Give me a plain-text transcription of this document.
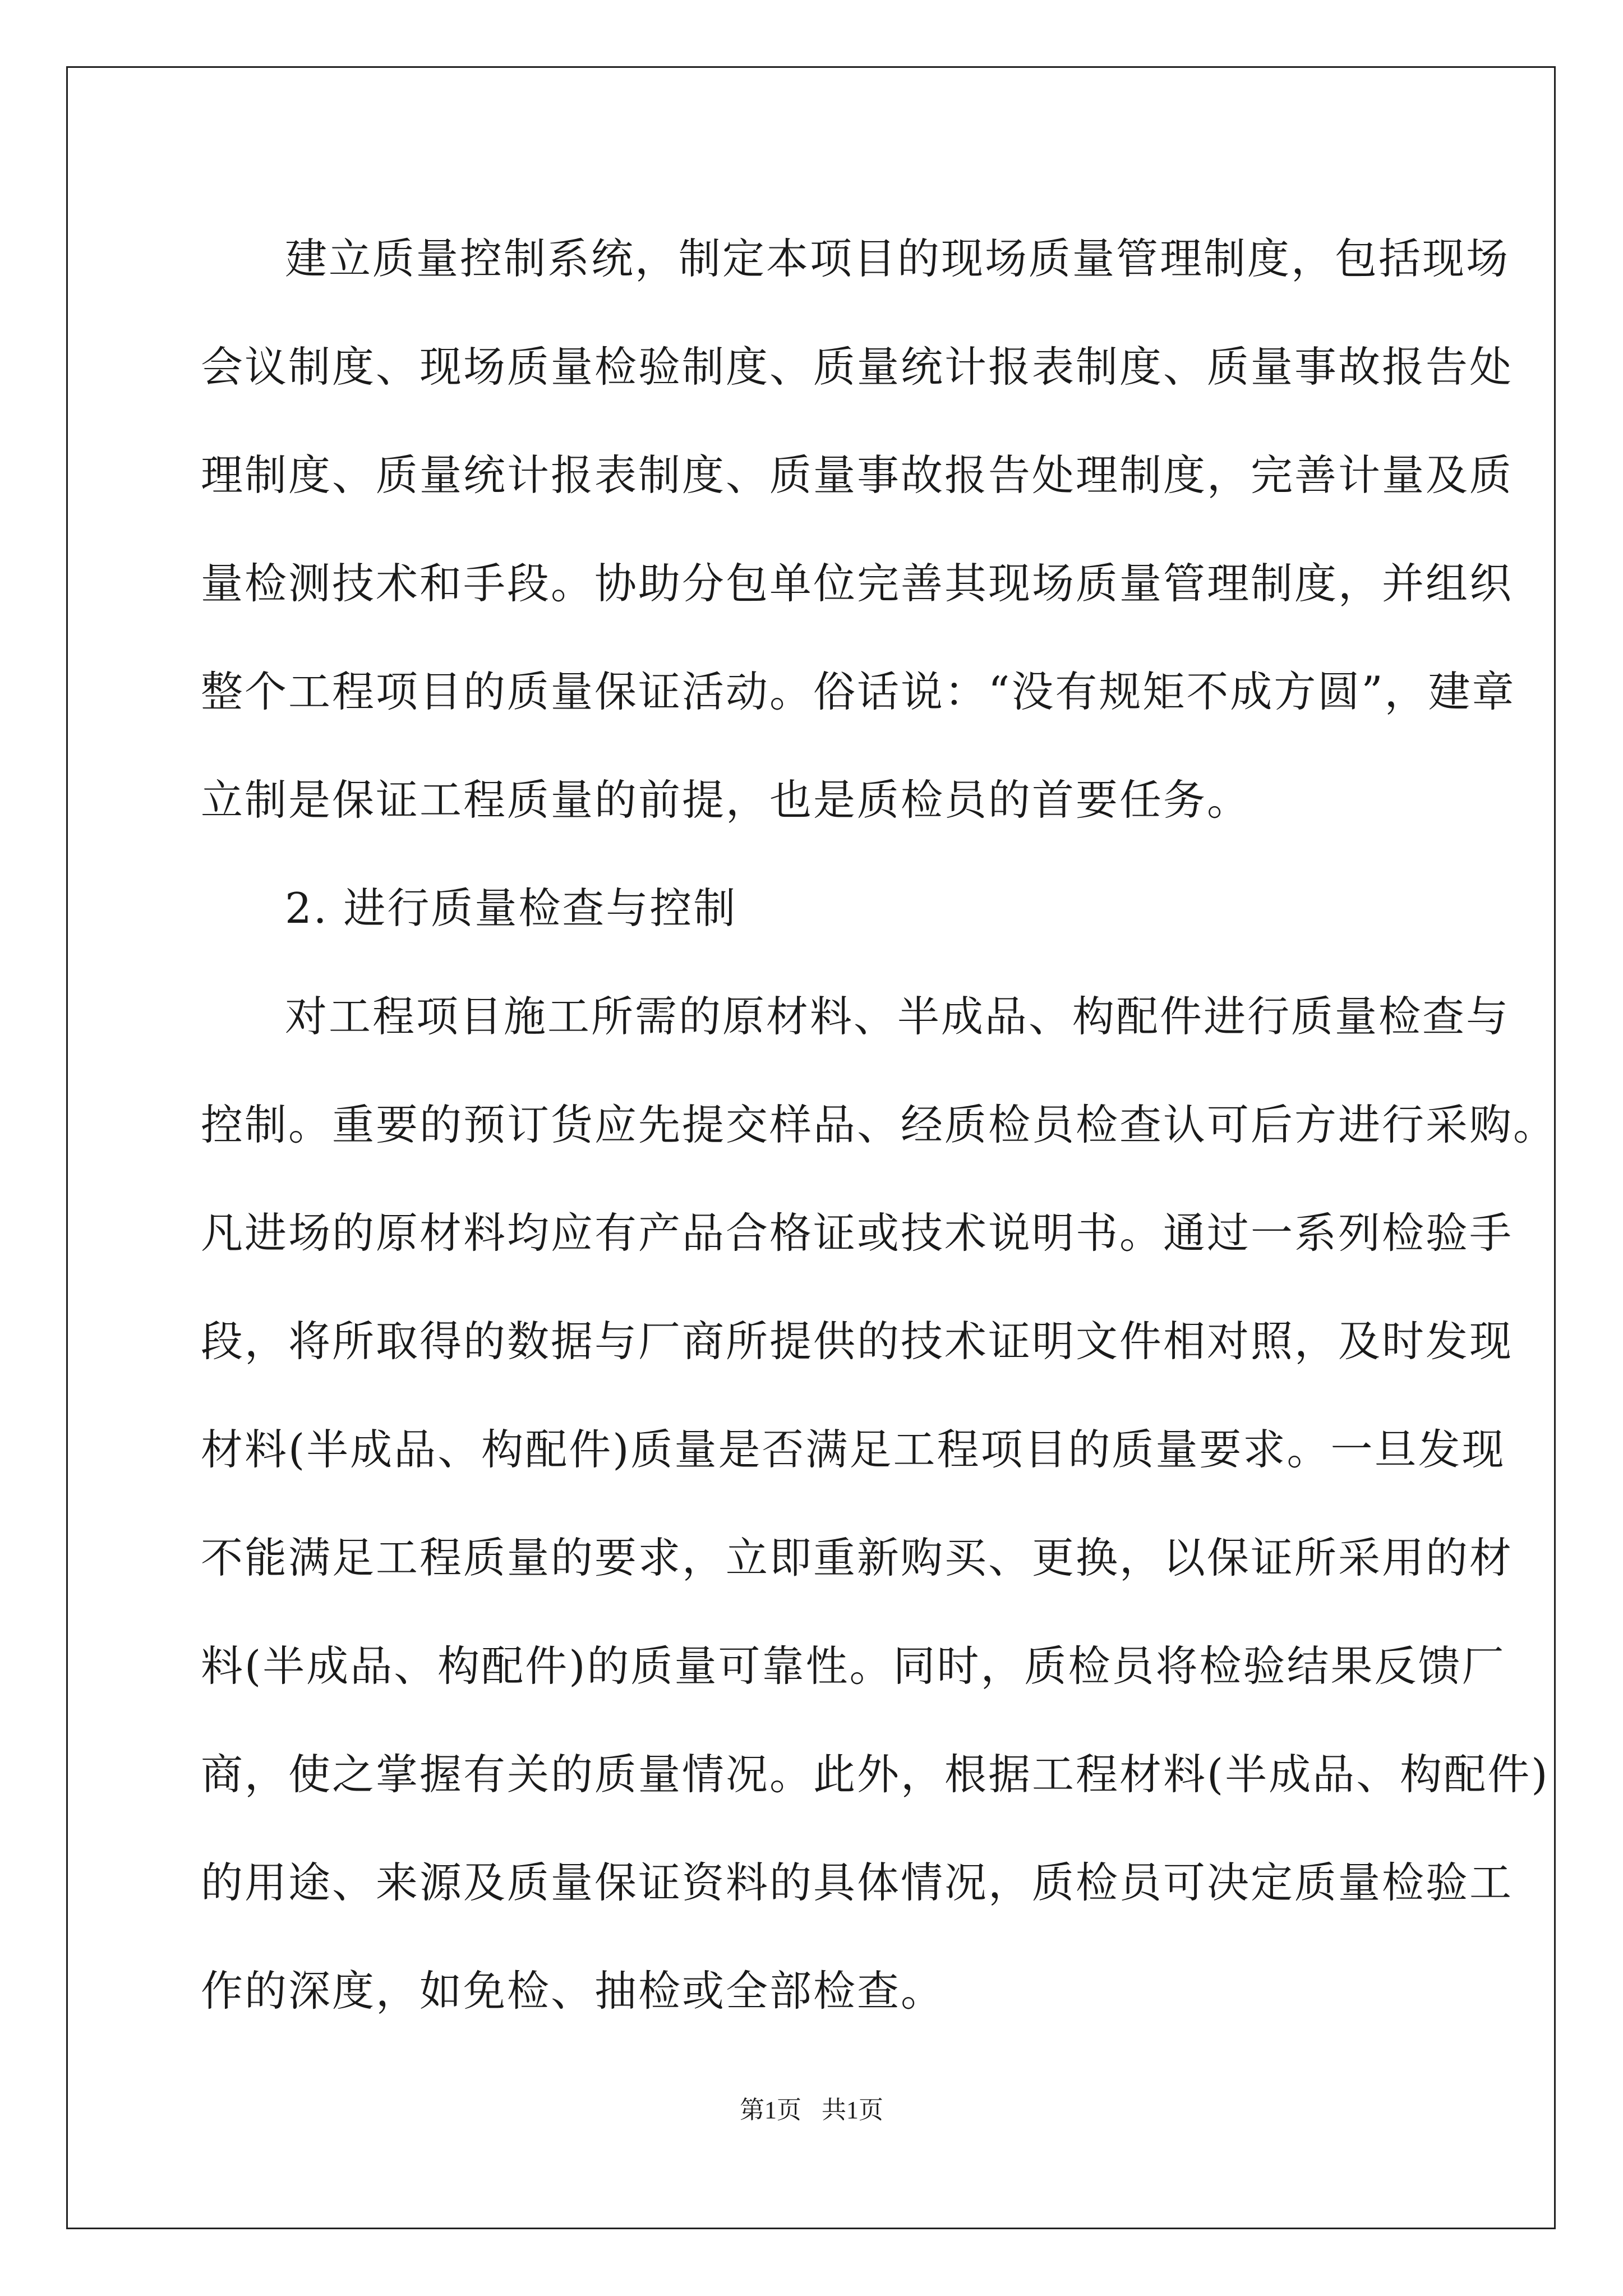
建立质量控制系统，制定本项目的现场质量管理制度，包括现场
会议制度、现场质量检验制度、质量统计报表制度、质量事故报告处
理制度、质量统计报表制度、质量事故报告处理制度，完善计量及质
量检测技术和手段。协助分包单位完善其现场质量管理制度，并组织
整个工程项目的质量保证活动。俗话说：“没有规矩不成方圆”，建章
立制是保证工程质量的前提，也是质检员的首要任务。
2. 进行质量检查与控制
对工程项目施工所需的原材料、半成品、构配件进行质量检查与
控制。重要的预订货应先提交样品、经质检员检查认可后方进行采购。
凡进场的原材料均应有产品合格证或技术说明书。通过一系列检验手
段，将所取得的数据与厂商所提供的技术证明文件相对照，及时发现
材料(半成品、构配件)质量是否满足工程项目的质量要求。一旦发现
不能满足工程质量的要求，立即重新购买、更换，以保证所采用的材
料(半成品、构配件)的质量可靠性。同时，质检员将检验结果反馈厂
商，使之掌握有关的质量情况。此外，根据工程材料(半成品、构配件)
的用途、来源及质量保证资料的具体情况，质检员可决定质量检验工
作的深度，如免检、抽检或全部检查。
第1页 共1页
